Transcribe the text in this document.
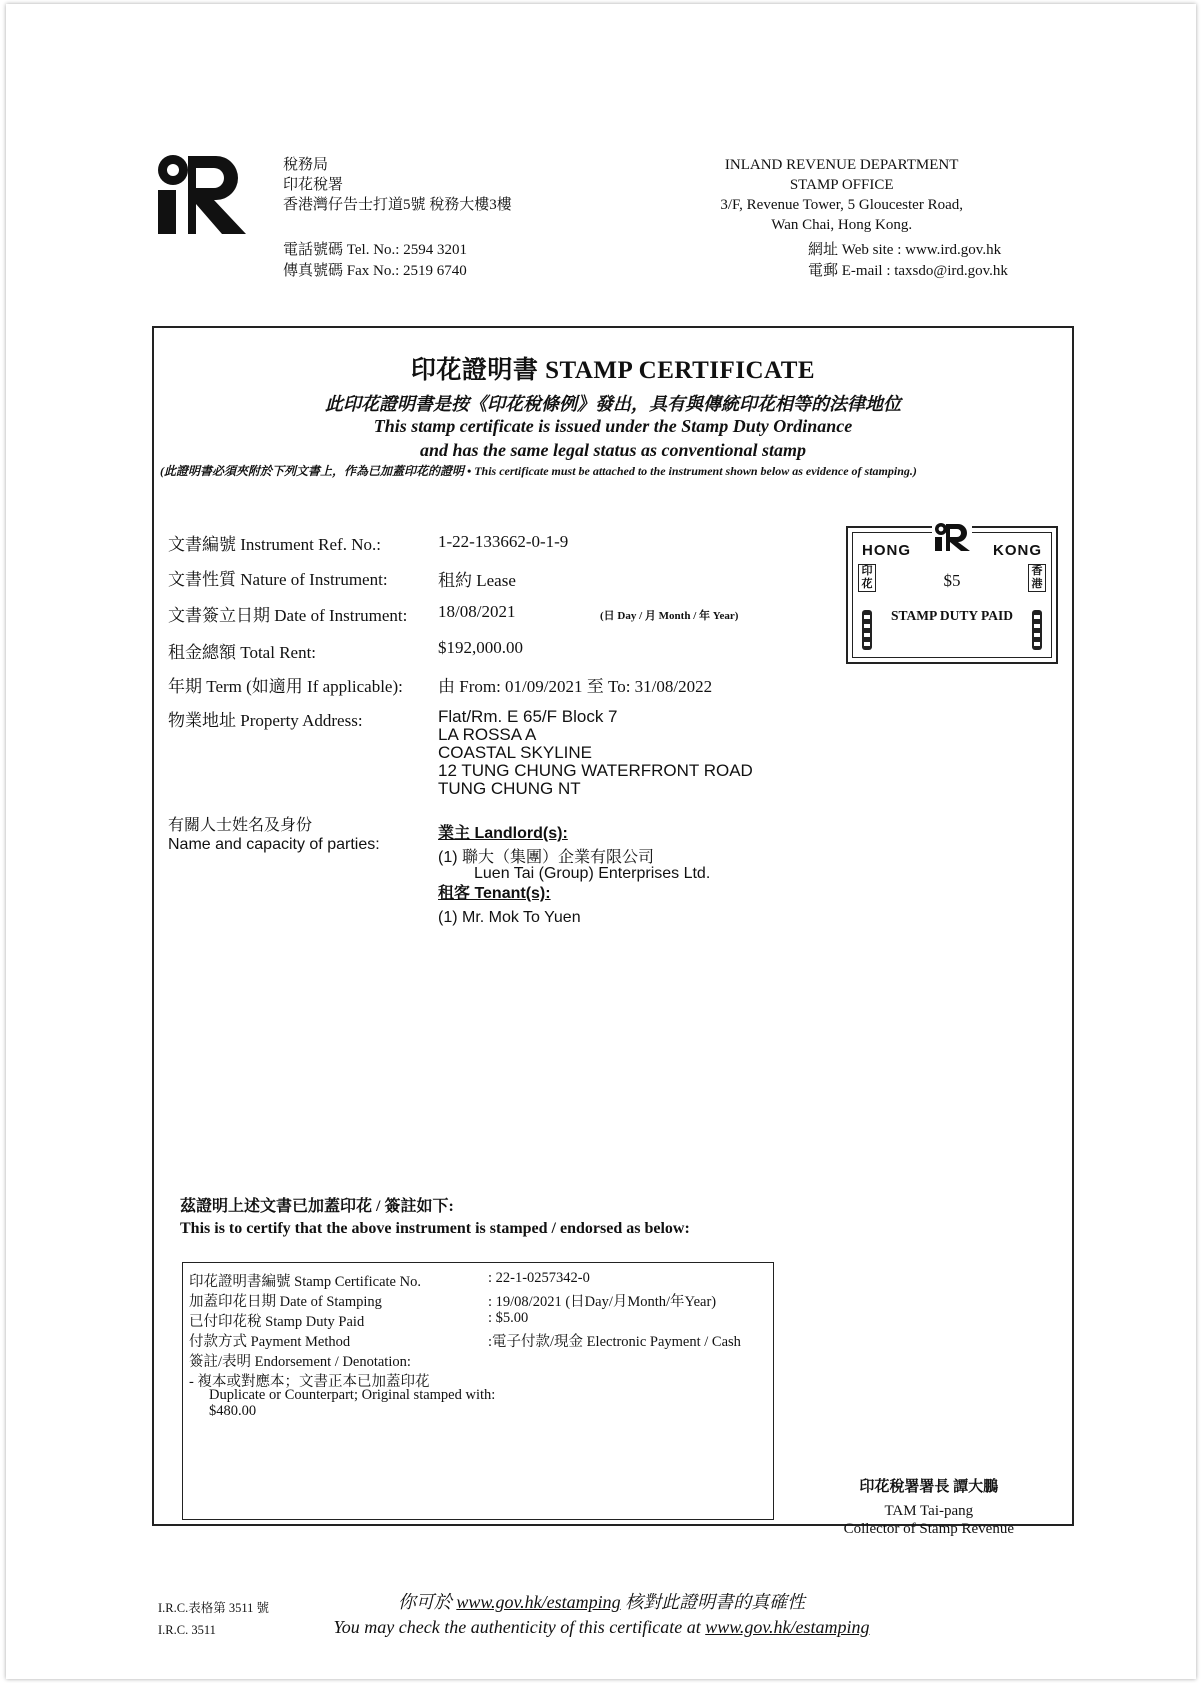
稅務局
印花稅署
香港灣仔告士打道5號 稅務大樓3樓
電話號碼 Tel. No.: 2594 3201
傳真號碼 Fax No.: 2519 6740
INLAND REVENUE DEPARTMENT
STAMP OFFICE
3/F, Revenue Tower, 5 Gloucester Road,
Wan Chai, Hong Kong.
網址 Web site : www.ird.gov.hk
電郵 E-mail : taxsdo@ird.gov.hk
印花證明書 STAMP CERTIFICATE
此印花證明書是按《印花稅條例》發出，具有與傳統印花相等的法律地位
This stamp certificate is issued under the Stamp Duty Ordinance
and has the same legal status as conventional stamp
(此證明書必須夾附於下列文書上，作為已加蓋印花的證明 • This certificate must be attached to the instrument shown below as evidence of stamping.)
文書編號 Instrument Ref. No.:	1-22-133662-0-1-9
文書性質 Nature of Instrument:	租約 Lease
文書簽立日期 Date of Instrument: 18/08/2021	(日 Day / 月 Month / 年 Year)
租金總額 Total Rent:	$192,000.00
年期 Term (如適用 If applicable): 由 From: 01/09/2021 至 To: 31/08/2022
物業地址 Property Address:	Flat/Rm. E 65/F Block 7
LA ROSSA A
COASTAL SKYLINE
12 TUNG CHUNG WATERFRONT ROAD
TUNG CHUNG NT
有關人士姓名及身份
Name and capacity of parties:
業主 Landlord(s):
(1) 聯大（集團）企業有限公司
Luen Tai (Group) Enterprises Ltd.
租客 Tenant(s):
(1) Mr. Mok To Yuen
HONG	KONG
$5
STAMP DUTY PAID
印花
香港
茲證明上述文書已加蓋印花 / 簽註如下:
This is to certify that the above instrument is stamped / endorsed as below:
印花證明書編號 Stamp Certificate No.	: 22-1-0257342-0
加蓋印花日期 Date of Stamping	: 19/08/2021 (日Day/月Month/年Year)
已付印花稅 Stamp Duty Paid	: $5.00
付款方式 Payment Method	:電子付款/現金 Electronic Payment / Cash
簽註/表明 Endorsement / Denotation:
- 複本或對應本；文書正本已加蓋印花
Duplicate or Counterpart; Original stamped with:
$480.00
印花稅署署長 譚大鵬
TAM Tai-pang
Collector of Stamp Revenue
I.R.C.表格第 3511 號
I.R.C. 3511
你可於 www.gov.hk/estamping 核對此證明書的真確性
You may check the authenticity of this certificate at www.gov.hk/estamping
